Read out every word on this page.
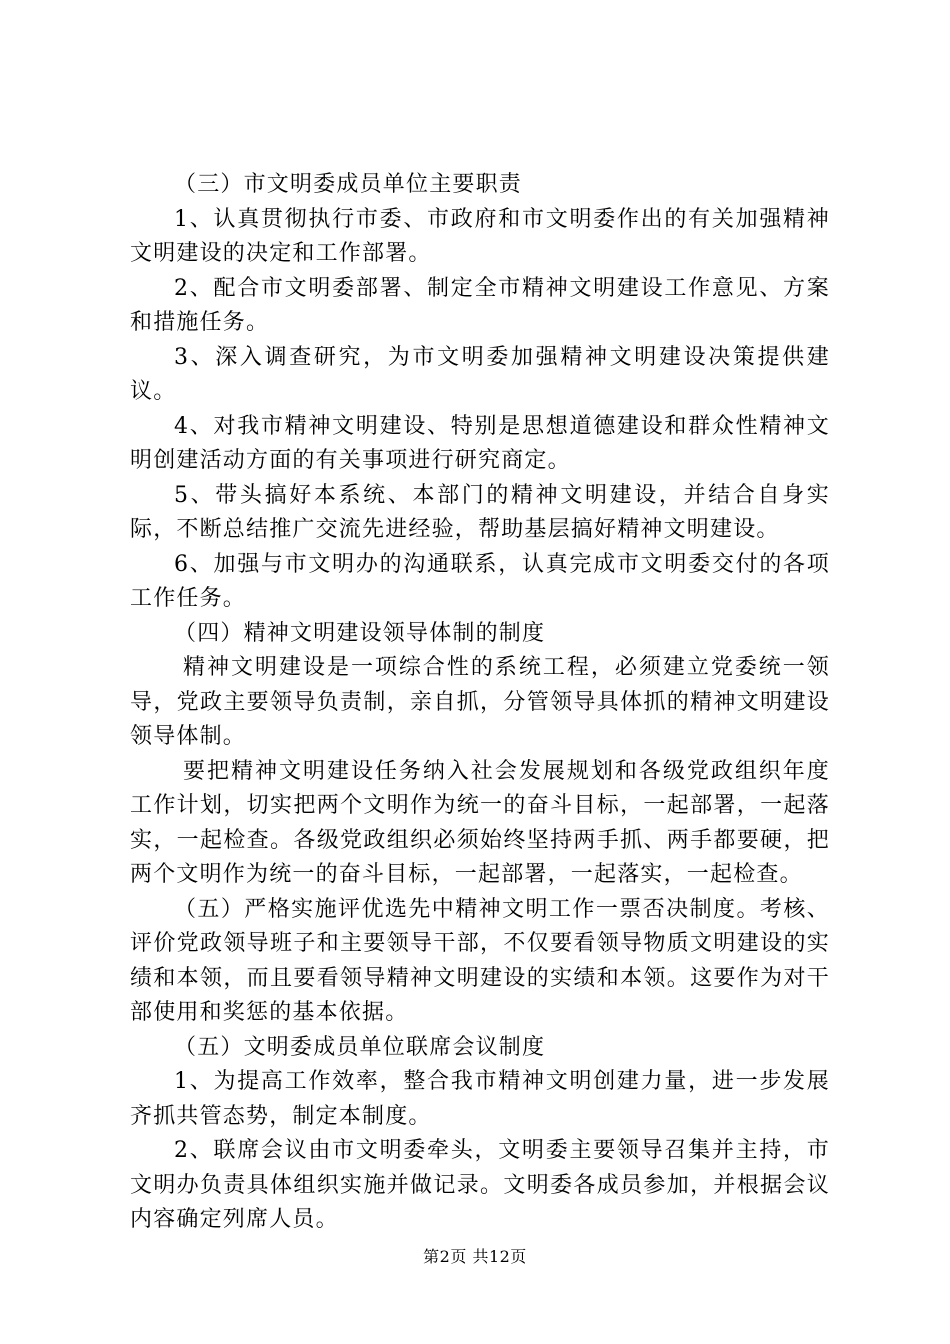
（三）市文明委成员单位主要职责

1、认真贯彻执行市委、市政府和市文明委作出的有关加强精神文明建设的决定和工作部署。

2、配合市文明委部署、制定全市精神文明建设工作意见、方案和措施任务。

3、深入调查研究，为市文明委加强精神文明建设决策提供建议。

4、对我市精神文明建设、特别是思想道德建设和群众性精神文明创建活动方面的有关事项进行研究商定。

5、带头搞好本系统、本部门的精神文明建设，并结合自身实际，不断总结推广交流先进经验，帮助基层搞好精神文明建设。

6、加强与市文明办的沟通联系，认真完成市文明委交付的各项工作任务。

（四）精神文明建设领导体制的制度

精神文明建设是一项综合性的系统工程，必须建立党委统一领导，党政主要领导负责制，亲自抓，分管领导具体抓的精神文明建设领导体制。

要把精神文明建设任务纳入社会发展规划和各级党政组织年度工作计划，切实把两个文明作为统一的奋斗目标，一起部署，一起落实，一起检查。各级党政组织必须始终坚持两手抓、两手都要硬，把两个文明作为统一的奋斗目标，一起部署，一起落实，一起检查。

（五）严格实施评优选先中精神文明工作一票否决制度。考核、评价党政领导班子和主要领导干部，不仅要看领导物质文明建设的实绩和本领，而且要看领导精神文明建设的实绩和本领。这要作为对干部使用和奖惩的基本依据。

（五）文明委成员单位联席会议制度

1、为提高工作效率，整合我市精神文明创建力量，进一步发展齐抓共管态势，制定本制度。

2、联席会议由市文明委牵头，文明委主要领导召集并主持，市文明办负责具体组织实施并做记录。文明委各成员参加，并根据会议内容确定列席人员。

第2页 共12页
